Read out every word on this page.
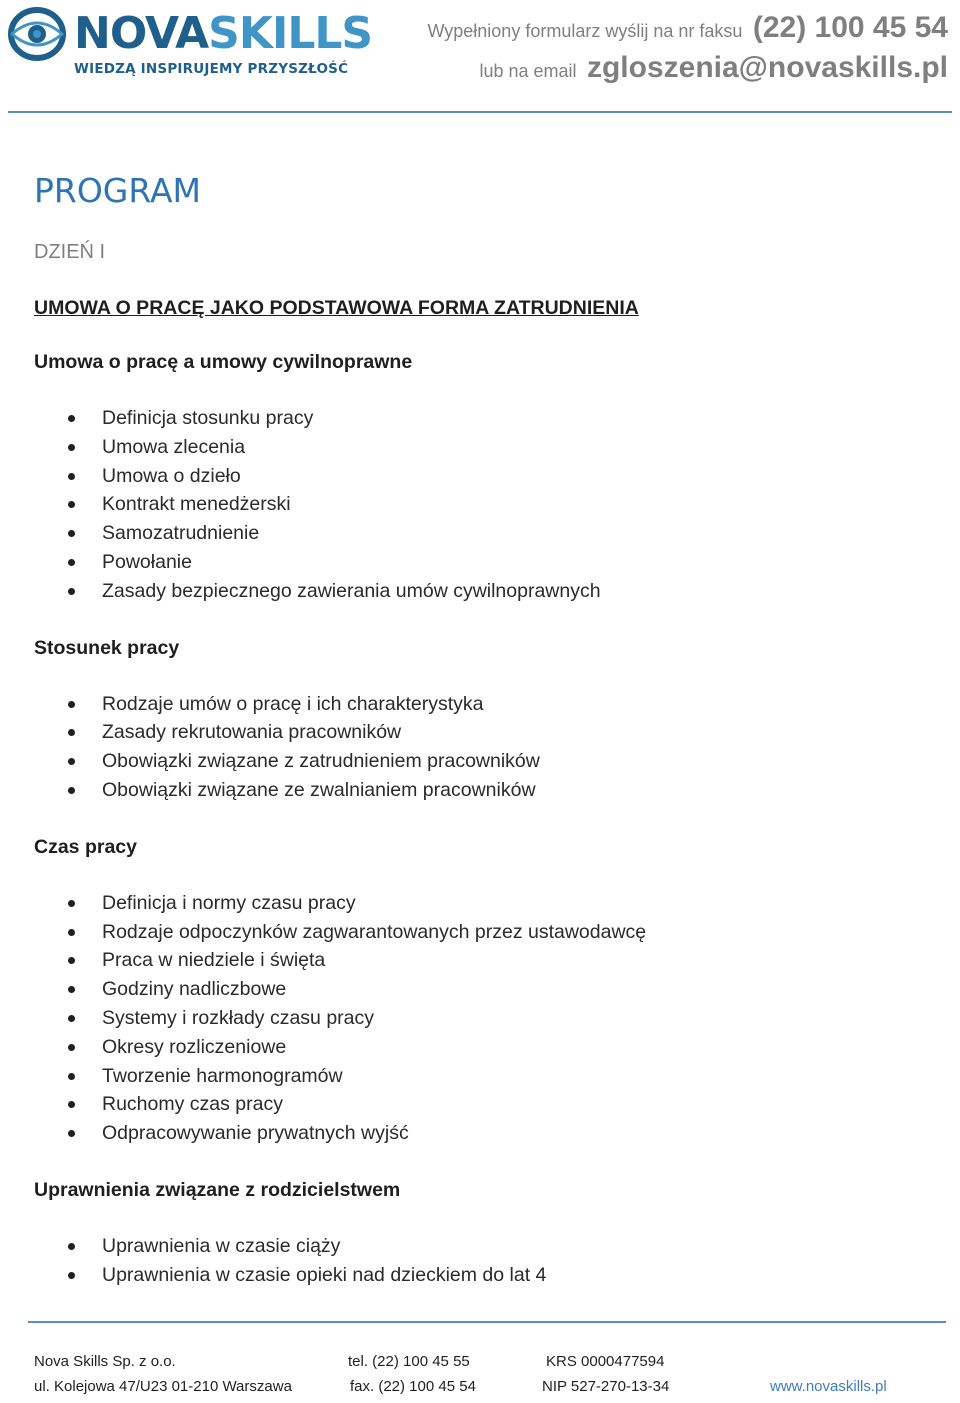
NOVASKILLS
WIEDZĄ INSPIRUJEMY PRZYSZŁOŚĆ
Wypełniony formularz wyślij na nr faksu (22) 100 45 54
lub na email zgloszenia@novaskills.pl
PROGRAM
DZIEŃ I
UMOWA O PRACĘ JAKO PODSTAWOWA FORMA ZATRUDNIENIA
Umowa o pracę a umowy cywilnoprawne
Definicja stosunku pracy
Umowa zlecenia
Umowa o dzieło
Kontrakt menedżerski
Samozatrudnienie
Powołanie
Zasady bezpiecznego zawierania umów cywilnoprawnych
Stosunek pracy
Rodzaje umów o pracę i ich charakterystyka
Zasady rekrutowania pracowników
Obowiązki związane z zatrudnieniem pracowników
Obowiązki związane ze zwalnianiem pracowników
Czas pracy
Definicja i normy czasu pracy
Rodzaje odpoczynków zagwarantowanych przez ustawodawcę
Praca w niedziele i święta
Godziny nadliczbowe
Systemy i rozkłady czasu pracy
Okresy rozliczeniowe
Tworzenie harmonogramów
Ruchomy czas pracy
Odpracowywanie prywatnych wyjść
Uprawnienia związane z rodzicielstwem
Uprawnienia w czasie ciąży
Uprawnienia w czasie opieki nad dzieckiem do lat 4
Nova Skills Sp. z o.o.	tel. (22) 100 45 55	KRS 0000477594
ul. Kolejowa 47/U23 01-210 Warszawa	fax. (22) 100 45 54	NIP 527-270-13-34	www.novaskills.pl
